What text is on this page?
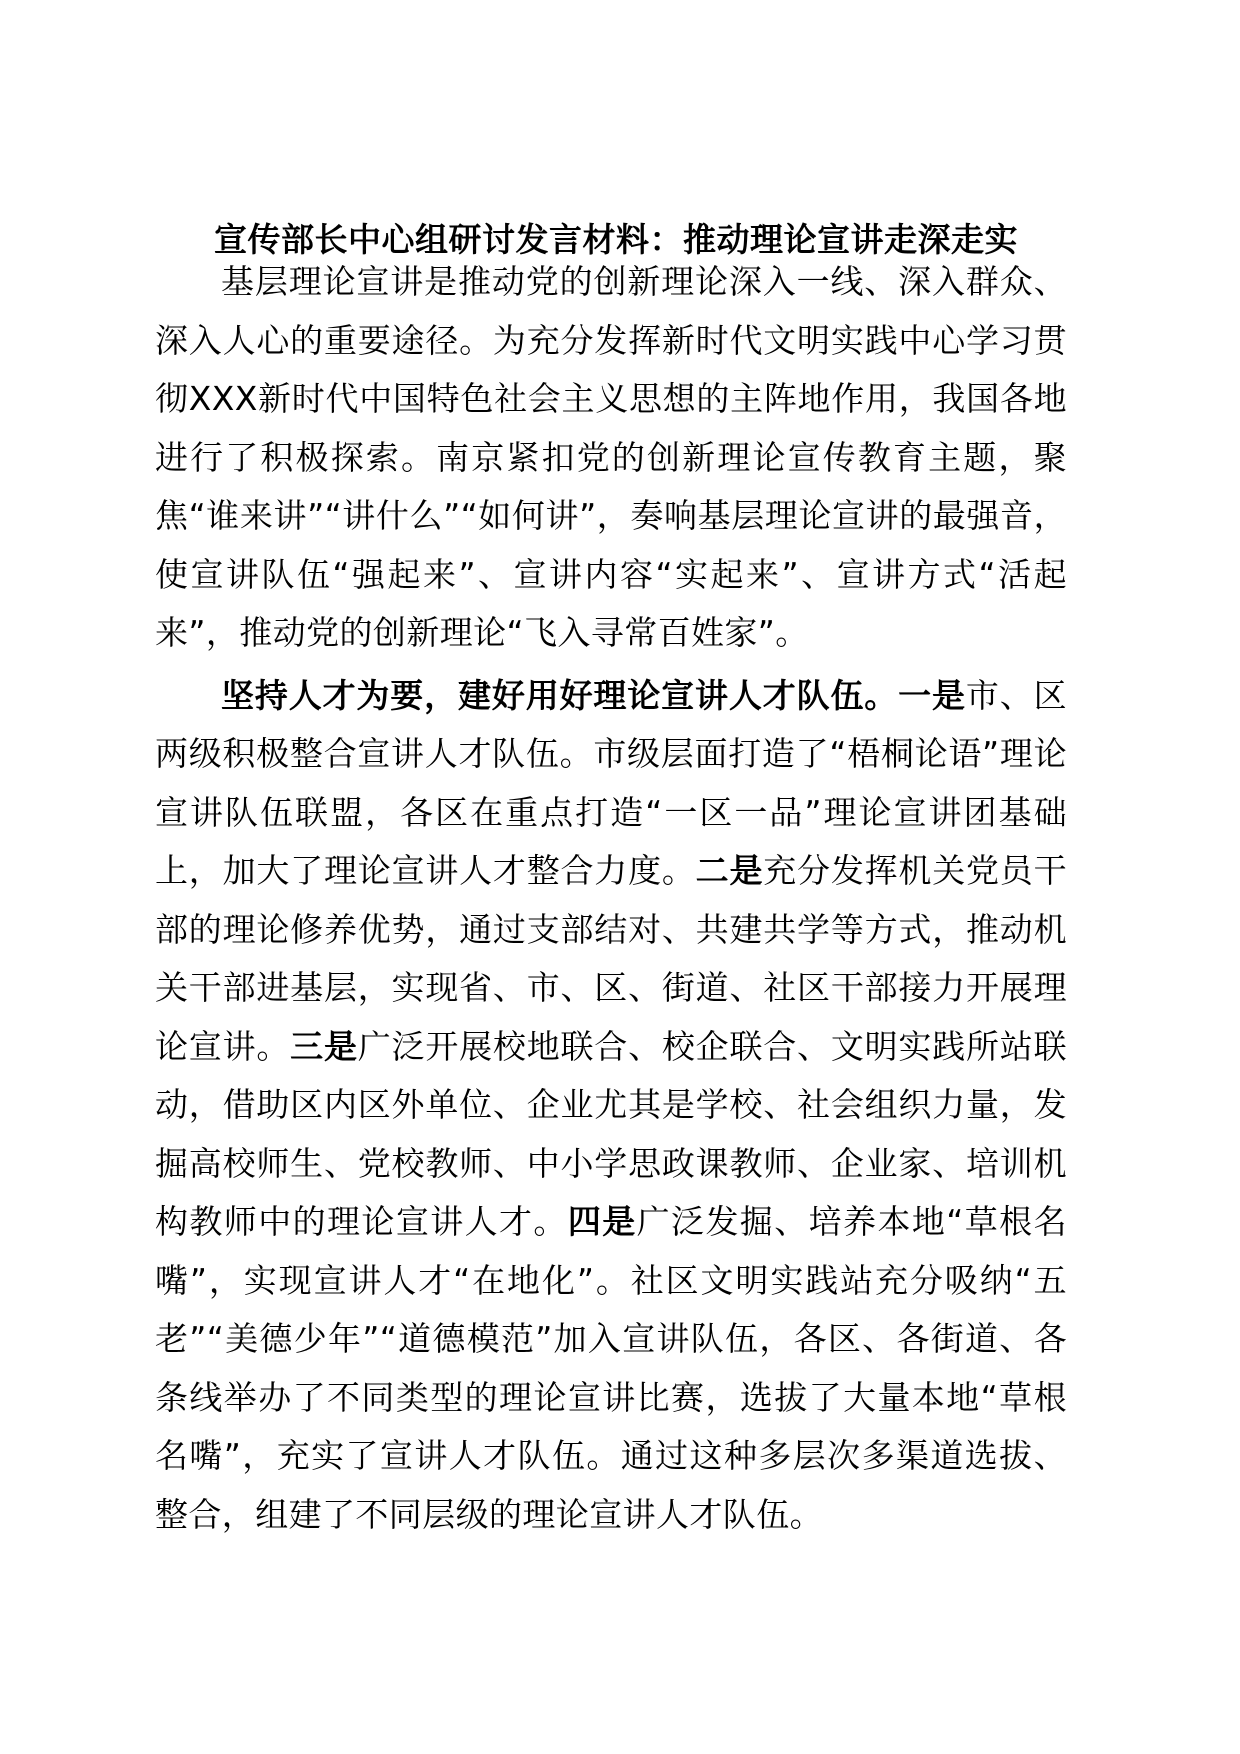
宣传部长中心组研讨发言材料：推动理论宣讲走深走实

基层理论宣讲是推动党的创新理论深入一线、深入群众、深入人心的重要途径。为充分发挥新时代文明实践中心学习贯彻XXX新时代中国特色社会主义思想的主阵地作用，我国各地进行了积极探索。南京紧扣党的创新理论宣传教育主题，聚焦“谁来讲”“讲什么”“如何讲”，奏响基层理论宣讲的最强音，使宣讲队伍“强起来”、宣讲内容“实起来”、宣讲方式“活起来”，推动党的创新理论“飞入寻常百姓家”。

坚持人才为要，建好用好理论宣讲人才队伍。一是市、区两级积极整合宣讲人才队伍。市级层面打造了“梧桐论语”理论宣讲队伍联盟，各区在重点打造“一区一品”理论宣讲团基础上，加大了理论宣讲人才整合力度。二是充分发挥机关党员干部的理论修养优势，通过支部结对、共建共学等方式，推动机关干部进基层，实现省、市、区、街道、社区干部接力开展理论宣讲。三是广泛开展校地联合、校企联合、文明实践所站联动，借助区内区外单位、企业尤其是学校、社会组织力量，发掘高校师生、党校教师、中小学思政课教师、企业家、培训机构教师中的理论宣讲人才。四是广泛发掘、培养本地“草根名嘴”，实现宣讲人才“在地化”。社区文明实践站充分吸纳“五老”“美德少年”“道德模范”加入宣讲队伍，各区、各街道、各条线举办了不同类型的理论宣讲比赛，选拔了大量本地“草根名嘴”，充实了宣讲人才队伍。通过这种多层次多渠道选拔、整合，组建了不同层级的理论宣讲人才队伍。
